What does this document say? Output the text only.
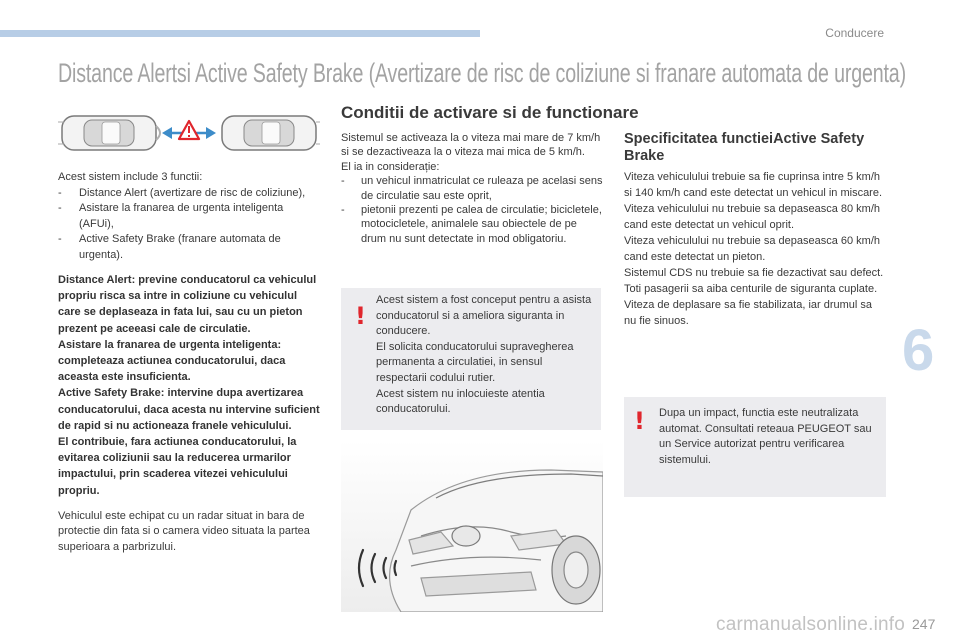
Conducere
Distance Alertsi Active Safety Brake (Avertizare de risc de coliziune si franare automata de urgenta)

Acest sistem include 3 functii:

- Distance Alert (avertizare de risc de coliziune),
- Asistare la franarea de urgenta inteligenta (AFUi),
- Active Safety Brake (franare automata de urgenta).

Distance Alert: previne conducatorul ca vehiculul propriu risca sa intre in coliziune cu vehiculul care se deplaseaza in fata lui, sau cu un pieton prezent pe aceeasi cale de circulatie.
Asistare la franarea de urgenta inteligenta: completeaza actiunea conducatorului, daca aceasta este insuficienta.
Active Safety Brake: intervine dupa avertizarea conducatorului, daca acesta nu intervine suficient de rapid si nu actioneaza franele vehiculului.
El contribuie, fara actiunea conducatorului, la evitarea coliziunii sau la reducerea urmarilor impactului, prin scaderea vitezei vehiculului propriu.

Vehiculul este echipat cu un radar situat in bara de protectie din fata si o camera video situata la partea superioara a parbrizului.

Conditii de activare si de functionare

Sistemul se activeaza la o viteza mai mare de 7 km/h si se dezactiveaza la o viteza mai mica de 5 km/h.

El ia in considerație:

- un vehicul inmatriculat ce ruleaza pe acelasi sens de circulatie sau este oprit,
- pietonii prezenti pe calea de circulatie; bicicletele, motocicletele, animalele sau obiectele de pe drum nu sunt detectate in mod obligatoriu.
!
Acest sistem a fost conceput pentru a asista conducatorul si a ameliora siguranta in conducere.
El solicita conducatorului supravegherea permanenta a circulatiei, in sensul respectarii codului rutier.
Acest sistem nu inlocuieste atentia conducatorului.
Specificitatea functieiActive Safety Brake

Viteza vehiculului trebuie sa fie cuprinsa intre 5 km/h si 140 km/h cand este detectat un vehicul in miscare.

Viteza vehiculului nu trebuie sa depaseasca 80 km/h cand este detectat un vehicul oprit.

Viteza vehiculului nu trebuie sa depaseasca 60 km/h cand este detectat un pieton.

Sistemul CDS nu trebuie sa fie dezactivat sau defect.

Toti pasagerii sa aiba centurile de siguranta cuplate.

Viteza de deplasare sa fie stabilizata, iar drumul sa nu fie sinuos.

! Dupa un impact, functia este neutralizata automat. Consultati reteaua PEUGEOT sau un Service autorizat pentru verificarea sistemului.
6
carmanualsonline.info 247
